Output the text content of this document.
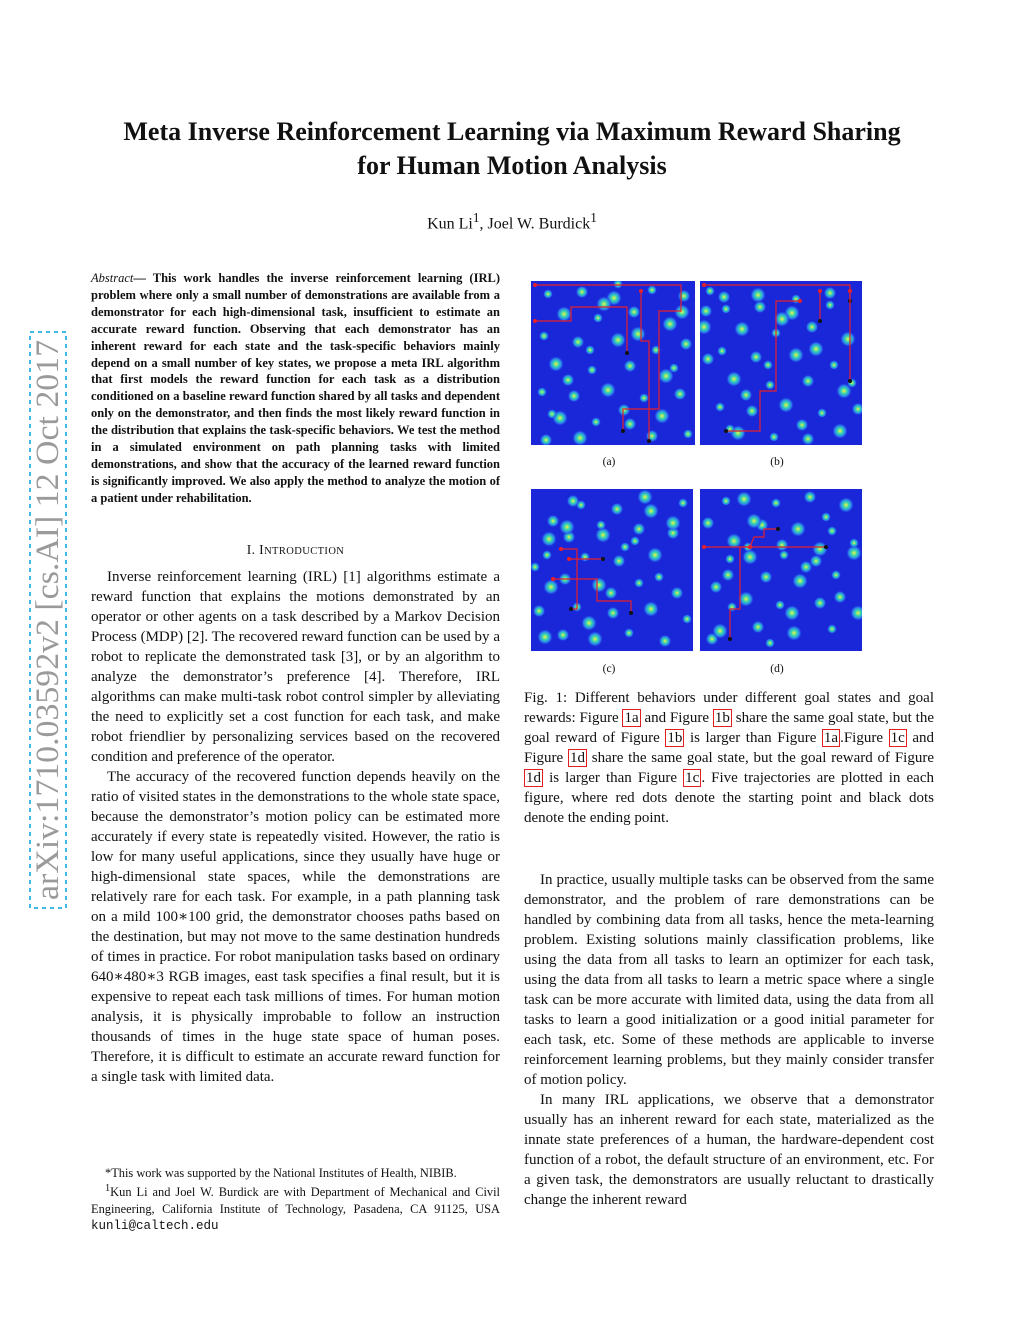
arXiv:1710.03592v2 [cs.AI] 12 Oct 2017
Meta Inverse Reinforcement Learning via Maximum Reward Sharing
for Human Motion Analysis
Kun Li$^1$, Joel W. Burdick$^1$

Abstract— This work handles the inverse reinforcement learning (IRL) problem where only a small number of demonstrations are available from a demonstrator for each high-dimensional task, insufficient to estimate an accurate reward function. Observing that each demonstrator has an inherent reward for each state and the task-specific behaviors mainly depend on a small number of key states, we propose a meta IRL algorithm that first models the reward function for each task as a distribution conditioned on a baseline reward function shared by all tasks and dependent only on the demonstrator, and then finds the most likely reward function in the distribution that explains the task-specific behaviors. We test the method in a simulated environment on path planning tasks with limited demonstrations, and show that the accuracy of the learned reward function is significantly improved. We also apply the method to analyze the motion of a patient under rehabilitation.

I. INTRODUCTION

Inverse reinforcement learning (IRL) [1] algorithms estimate a reward function that explains the motions demonstrated by an operator or other agents on a task described by a Markov Decision Process (MDP) [2]. The recovered reward function can be used by a robot to replicate the demonstrated task [3], or by an algorithm to analyze the demonstrator’s preference [4]. Therefore, IRL algorithms can make multi-task robot control simpler by alleviating the need to explicitly set a cost function for each task, and make robot friendlier by personalizing services based on the recovered condition and preference of the operator.

The accuracy of the recovered function depends heavily on the ratio of visited states in the demonstrations to the whole state space, because the demonstrator’s motion policy can be estimated more accurately if every state is repeatedly visited. However, the ratio is low for many useful applications, since they usually have huge or high-dimensional state spaces, while the demonstrations are relatively rare for each task. For example, in a path planning task on a mild 100∗100 grid, the demonstrator chooses paths based on the destination, but may not move to the same destination hundreds of times in practice. For robot manipulation tasks based on ordinary 640∗480∗3 RGB images, east task specifies a final result, but it is expensive to repeat each task millions of times. For human motion analysis, it is physically improbable to follow an instruction thousands of times in the huge state space of human poses. Therefore, it is difficult to estimate an accurate reward function for a single task with limited data.

*This work was supported by the National Institutes of Health, NIBIB.

$^1$Kun Li and Joel W. Burdick are with Department of Mechanical and Civil Engineering, California Institute of Technology, Pasadena, CA 91125, USA kunli@caltech.edu

(a)	(b)
(c)	(d)

Fig. 1: Different behaviors under different goal states and goal rewards: Figure 1a and Figure 1b share the same goal state, but the goal reward of Figure 1b is larger than Figure 1a .Figure 1c and Figure 1d share the same goal state, but the goal reward of Figure 1d is larger than Figure 1c . Five trajectories are plotted in each figure, where red dots denote the starting point and black dots denote the ending point.

In practice, usually multiple tasks can be observed from the same demonstrator, and the problem of rare demonstrations can be handled by combining data from all tasks, hence the meta-learning problem. Existing solutions mainly classification problems, like using the data from all tasks to learn an optimizer for each task, using the data from all tasks to learn a metric space where a single task can be more accurate with limited data, using the data from all tasks to learn a good initialization or a good initial parameter for each task, etc. Some of these methods are applicable to inverse reinforcement learning problems, but they mainly consider transfer of motion policy.

In many IRL applications, we observe that a demonstrator usually has an inherent reward for each state, materialized as the innate state preferences of a human, the hardware-dependent cost function of a robot, the default structure of an environment, etc. For a given task, the demonstrators are usually reluctant to drastically change the inherent reward
